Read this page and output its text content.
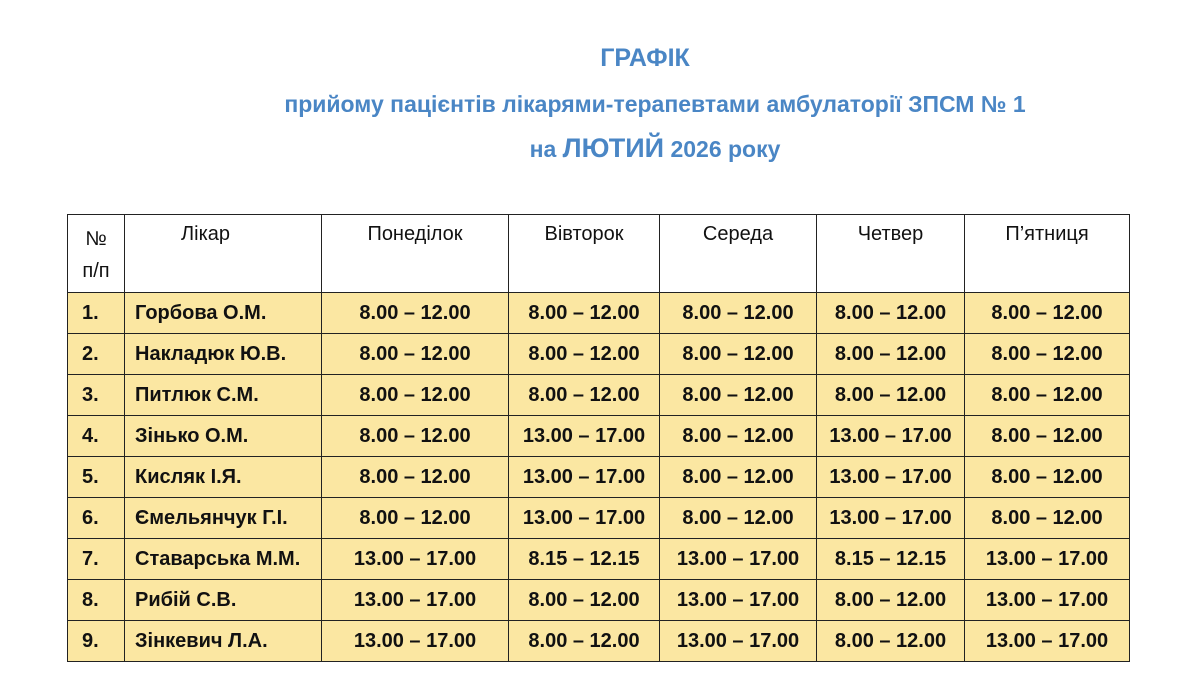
ГРАФІК
прийому пацієнтів лікарями-терапевтами амбулаторії ЗПСМ № 1
на ЛЮТИЙ 2026 року
№
п/п	Лікар	Понеділок	Вівторок	Середа	Четвер	П’ятниця
1.	Горбова О.М.	8.00 – 12.00	8.00 – 12.00	8.00 – 12.00	8.00 – 12.00	8.00 – 12.00
2.	Накладюк Ю.В.	8.00 – 12.00	8.00 – 12.00	8.00 – 12.00	8.00 – 12.00	8.00 – 12.00
3.	Питлюк С.М.	8.00 – 12.00	8.00 – 12.00	8.00 – 12.00	8.00 – 12.00	8.00 – 12.00
4.	Зінько О.М.	8.00 – 12.00	13.00 – 17.00	8.00 – 12.00	13.00 – 17.00	8.00 – 12.00
5.	Кисляк І.Я.	8.00 – 12.00	13.00 – 17.00	8.00 – 12.00	13.00 – 17.00	8.00 – 12.00
6.	Ємельянчук Г.І.	8.00 – 12.00	13.00 – 17.00	8.00 – 12.00	13.00 – 17.00	8.00 – 12.00
7.	Ставарська М.М.	13.00 – 17.00	8.15 – 12.15	13.00 – 17.00	8.15 – 12.15	13.00 – 17.00
8.	Рибій С.В.	13.00 – 17.00	8.00 – 12.00	13.00 – 17.00	8.00 – 12.00	13.00 – 17.00
9.	Зінкевич Л.А.	13.00 – 17.00	8.00 – 12.00	13.00 – 17.00	8.00 – 12.00	13.00 – 17.00
